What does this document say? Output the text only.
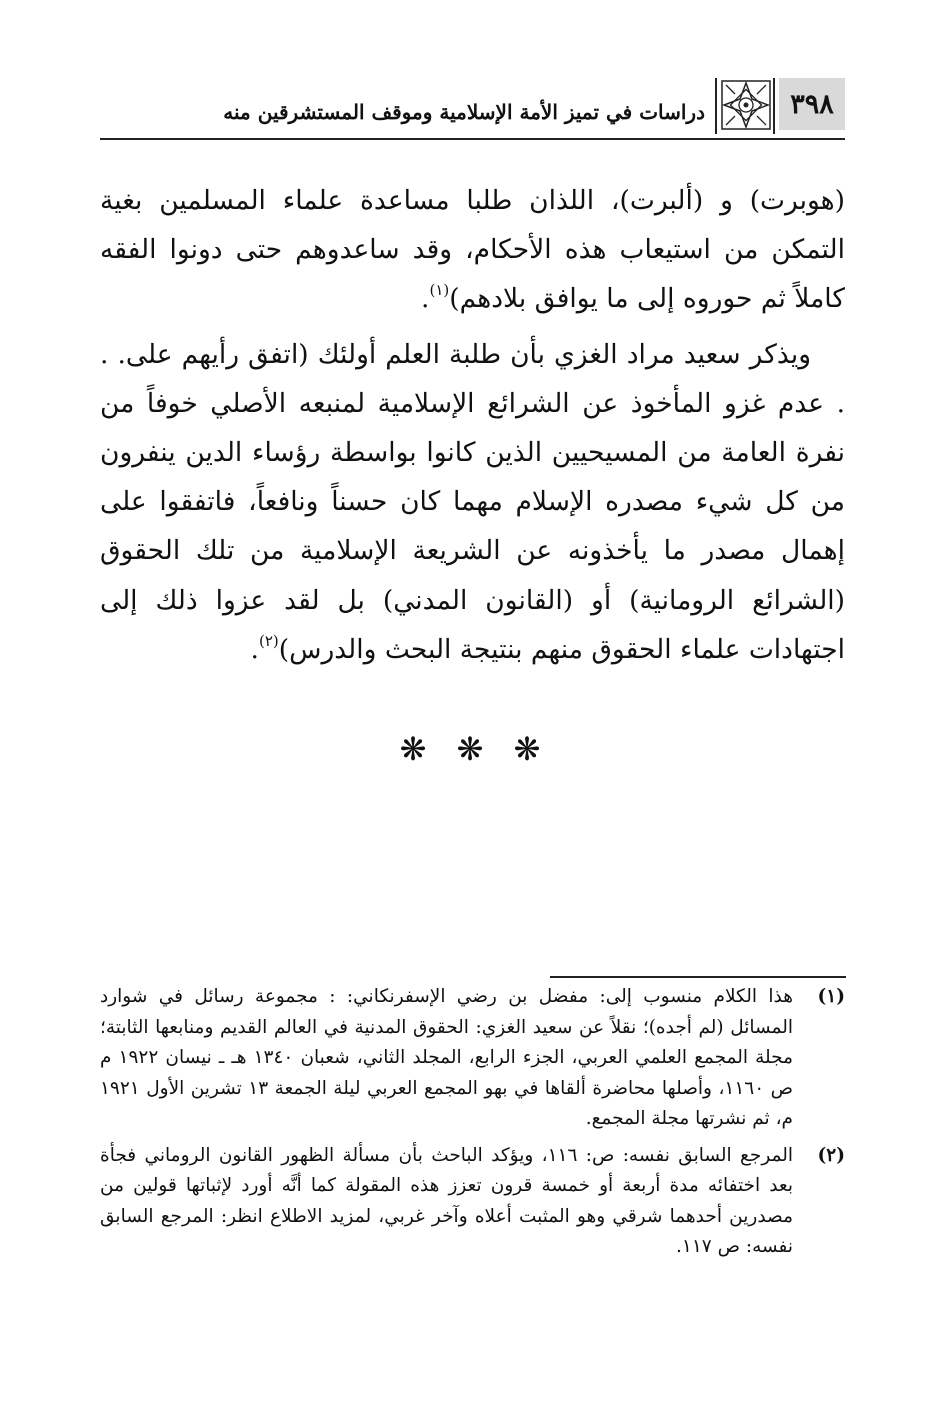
٣٩٨
دراسات في تميز الأمة الإسلامية وموقف المستشرقين منه

(هوبرت) و (ألبرت)، اللذان طلبا مساعدة علماء المسلمين بغية التمكن من استيعاب هذه الأحكام، وقد ساعدوهم حتى دونوا الفقه كاملاً ثم حوروه إلى ما يوافق بلادهم)$^{(١)}$.

ويذكر سعيد مراد الغزي بأن طلبة العلم أولئك (اتفق رأيهم على. . . عدم غزو المأخوذ عن الشرائع الإسلامية لمنبعه الأصلي خوفاً من نفرة العامة من المسيحيين الذين كانوا بواسطة رؤساء الدين ينفرون من كل شيء مصدره الإسلام مهما كان حسناً ونافعاً، فاتفقوا على إهمال مصدر ما يأخذونه عن الشريعة الإسلامية من تلك الحقوق (الشرائع الرومانية) أو (القانون المدني) بل لقد عزوا ذلك إلى اجتهادات علماء الحقوق منهم بنتيجة البحث والدرس)$^{(٢)}$.

❋ ❋ ❋
(١)
هذا الكلام منسوب إلى: مفضل بن رضي الإسفرنكاني: : مجموعة رسائل في شوارد المسائل (لم أجده)؛ نقلاً عن سعيد الغزي: الحقوق المدنية في العالم القديم ومنابعها الثابتة؛ مجلة المجمع العلمي العربي، الجزء الرابع، المجلد الثاني، شعبان ١٣٤٠ هـ ـ نيسان ١٩٢٢ م ص ١١٦٠، وأصلها محاضرة ألقاها في بهو المجمع العربي ليلة الجمعة ١٣ تشرين الأول ١٩٢١ م، ثم نشرتها مجلة المجمع.
(٢)
المرجع السابق نفسه: ص: ١١٦، ويؤكد الباحث بأن مسألة الظهور القانون الروماني فجأة بعد اختفائه مدة أربعة أو خمسة قرون تعزز هذه المقولة كما أنَّه أورد لإثباتها قولين من مصدرين أحدهما شرقي وهو المثبت أعلاه وآخر غربي، لمزيد الاطلاع انظر: المرجع السابق نفسه: ص ١١٧.
